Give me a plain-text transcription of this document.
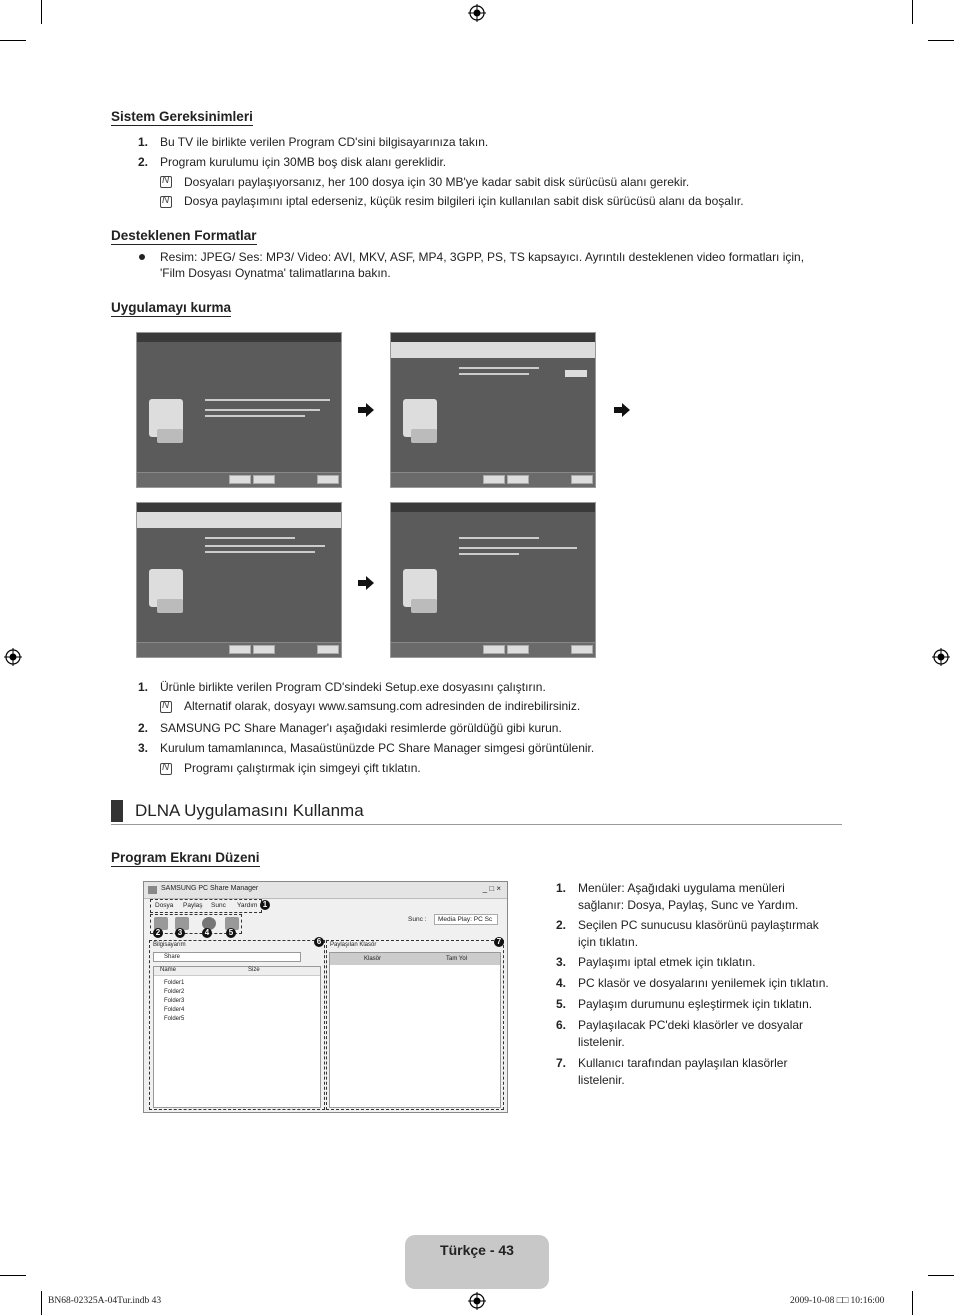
Sistem Gereksinimleri
1. Bu TV ile birlikte verilen Program CD'sini bilgisayarınıza takın.
2. Program kurulumu için 30MB boş disk alanı gereklidir.
N
Dosyaları paylaşıyorsanız, her 100 dosya için 30 MB'ye kadar sabit disk sürücüsü alanı gerekir.
N
Dosya paylaşımını iptal ederseniz, küçük resim bilgileri için kullanılan sabit disk sürücüsü alanı da boşalır.
Desteklenen Formatlar
Resim: JPEG/ Ses: MP3/ Video: AVI, MKV, ASF, MP4, 3GPP, PS, TS kapsayıcı. Ayrıntılı desteklenen video formatları için,
'Film Dosyası Oynatma' talimatlarına bakın.
Uygulamayı kurma
1. Ürünle birlikte verilen Program CD'sindeki Setup.exe dosyasını çalıştırın.
N
Alternatif olarak, dosyayı www.samsung.com adresinden de indirebilirsiniz.
2. SAMSUNG PC Share Manager'ı aşağıdaki resimlerde görüldüğü gibi kurun.
3. Kurulum tamamlanınca, Masaüstünüzde PC Share Manager simgesi görüntülenir.
N
Programı çalıştırmak için simgeyi çift tıklatın.
DLNA Uygulamasını Kullanma
Program Ekranı Düzeni
SAMSUNG PC Share Manager	_ □ ×
Dosya Paylaş Sunc Yardım 1
2	3	4	5
Sunc :	Media Play: PC Sc
Bilgisayarım
Share
Name	Size
Folder1
Folder2
Folder3
Folder4
Folder5
6	Paylaşılan Klasör
Klasör	Tam Yol
7
1. Menüler: Aşağıdaki uygulama menüleri
sağlanır: Dosya, Paylaş, Sunc ve Yardım.
2. Seçilen PC sunucusu klasörünü paylaştırmak
için tıklatın.
3. Paylaşımı iptal etmek için tıklatın.
4. PC klasör ve dosyalarını yenilemek için tıklatın.
5. Paylaşım durumunu eşleştirmek için tıklatın.
6. Paylaşılacak PC'deki klasörler ve dosyalar
listelenir.
7. Kullanıcı tarafından paylaşılan klasörler
listelenir.
Türkçe - 43
BN68-02325A-04Tur.indb 43	2009-10-08 □□ 10:16:00
